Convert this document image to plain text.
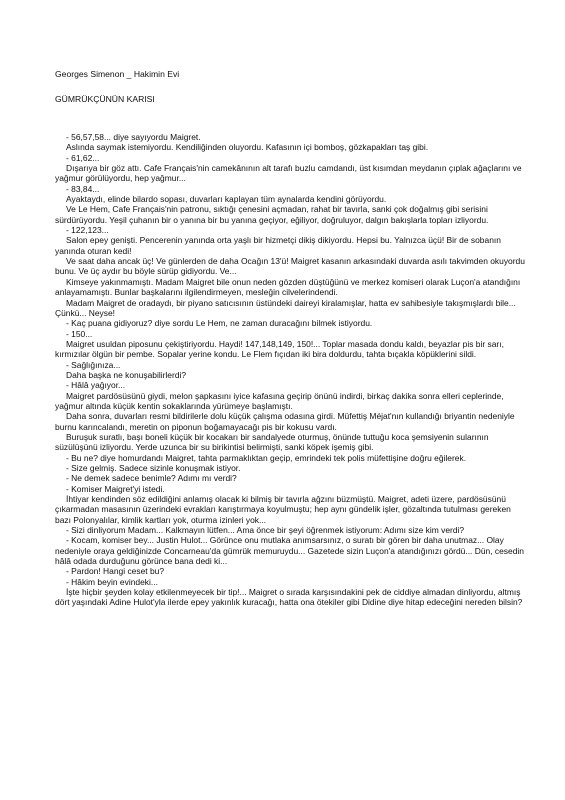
Georges Simenon _ Hakimin Evi
GÜMRÜKÇÜNÜN KARISI

- 56,57,58... diye sayıyordu Maigret.

Aslında saymak istemiyordu. Kendiliğinden oluyordu. Kafasının içi bomboş, gözkapakları taş gibi.

- 61,62...

Dışarıya bir göz attı. Cafe Français'nin camekânının alt tarafı buzlu camdandı, üst kısımdan meydanın çıplak ağaçlarını ve yağmur görülüyordu, hep yağmur...

- 83,84...

Ayaktaydı, elinde bilardo sopası, duvarları kaplayan tüm aynalarda kendini görüyordu.

Ve Le Hem, Cafe Français'nin patronu, sıktığı çenesini açmadan, rahat bir tavırla, sanki çok doğalmış gibi serisini sürdürüyordu. Yeşil çuhanın bir o yanına bir bu yanına geçiyor, eğiliyor, doğruluyor, dalgın bakışlarla topları izliyordu.

- 122,123...

Salon epey genişti. Pencerenin yanında orta yaşlı bir hizmetçi dikiş dikiyordu. Hepsi bu. Yalnızca üçü! Bir de sobanın yanında oturan kedi!

Ve saat daha ancak üç! Ve günlerden de daha Ocağın 13'ü! Maigret kasanın arkasındaki duvarda asılı takvimden okuyordu bunu. Ve üç aydır bu böyle sürüp gidiyordu. Ve...

Kimseye yakınmamıştı. Madam Maigret bile onun neden gözden düştüğünü ve merkez komiseri olarak Luçon'a atandığını anlayamamıştı. Bunlar başkalarını ilgilendirmeyen, mesleğin cilvelerindendi.

Madam Maigret de oradaydı, bir piyano satıcısının üstündeki daireyi kiralamışlar, hatta ev sahibesiyle takışmışlardı bile... Çünkü... Neyse!

- Kaç puana gidiyoruz? diye sordu Le Hem, ne zaman duracağını bilmek istiyordu.

- 150...

Maigret usuldan piposunu çekiştiriyordu. Haydi! 147,148,149, 150!... Toplar masada dondu kaldı, beyazlar pis bir sarı, kırmızılar ölgün bir pembe. Sopalar yerine kondu. Le Flem fıçıdan iki bira doldurdu, tahta bıçakla köpüklerini sildi.

- Sağlığınıza...

Daha başka ne konuşabilirlerdi?

- Hâlâ yağıyor...

Maigret pardösüsünü giydi, melon şapkasını iyice kafasına geçirip önünü indirdi, birkaç dakika sonra elleri ceplerinde, yağmur altında küçük kentin sokaklarında yürümeye başlamıştı.

Daha sonra, duvarları resmi bildirilerle dolu küçük çalışma odasına girdi. Müfettiş Méjat'nın kullandığı briyantin nedeniyle burnu karıncalandı, meretin on piponun boğamayacağı pis bir kokusu vardı.

Buruşuk suratlı, başı boneli küçük bir kocakarı bir sandalyede oturmuş, önünde tuttuğu koca şemsiyenin sularının süzülüşünü izliyordu. Yerde uzunca bir su birikintisi belirmişti, sanki köpek işemiş gibi.

- Bu ne? diye homurdandı Maigret, tahta parmaklıktan geçip, emrindeki tek polis müfettişine doğru eğilerek.

- Size gelmiş. Sadece sizinle konuşmak istiyor.

- Ne demek sadece benimle? Adımı mı verdi?

- Komiser Maigret'yi istedi.

İhtiyar kendinden söz edildiğini anlamış olacak ki bilmiş bir tavırla ağzını büzmüştü. Maigret, adeti üzere, pardösüsünü çıkarmadan masasının üzerindeki evrakları karıştırmaya koyulmuştu; hep aynı gündelik işler, gözaltında tutulması gereken bazı Polonyalılar, kimlik kartları yok, oturma izinleri yok...

- Sizi dinliyorum Madam... Kalkmayın lütfen... Ama önce bir şeyi öğrenmek istiyorum: Adımı size kim verdi?

- Kocam, komiser bey... Justin Hulot... Görünce onu mutlaka anımsarsınız, o suratı bir gören bir daha unutmaz... Olay nedeniyle oraya geldiğinizde Concarneau'da gümrük memuruydu... Gazetede sizin Luçon'a atandığınızı gördü... Dün, cesedin hâlâ odada durduğunu görünce bana dedi ki...

- Pardon! Hangi ceset bu?

- Hâkim beyin evindeki...

İşte hiçbir şeyden kolay etkilenmeyecek bir tip!... Maigret o sırada karşısındakini pek de ciddiye almadan dinliyordu, altmış dört yaşındaki Adine Hulot'yla ilerde epey yakınlık kuracağı, hatta ona ötekiler gibi Didine diye hitap edeceğini nereden bilsin?
